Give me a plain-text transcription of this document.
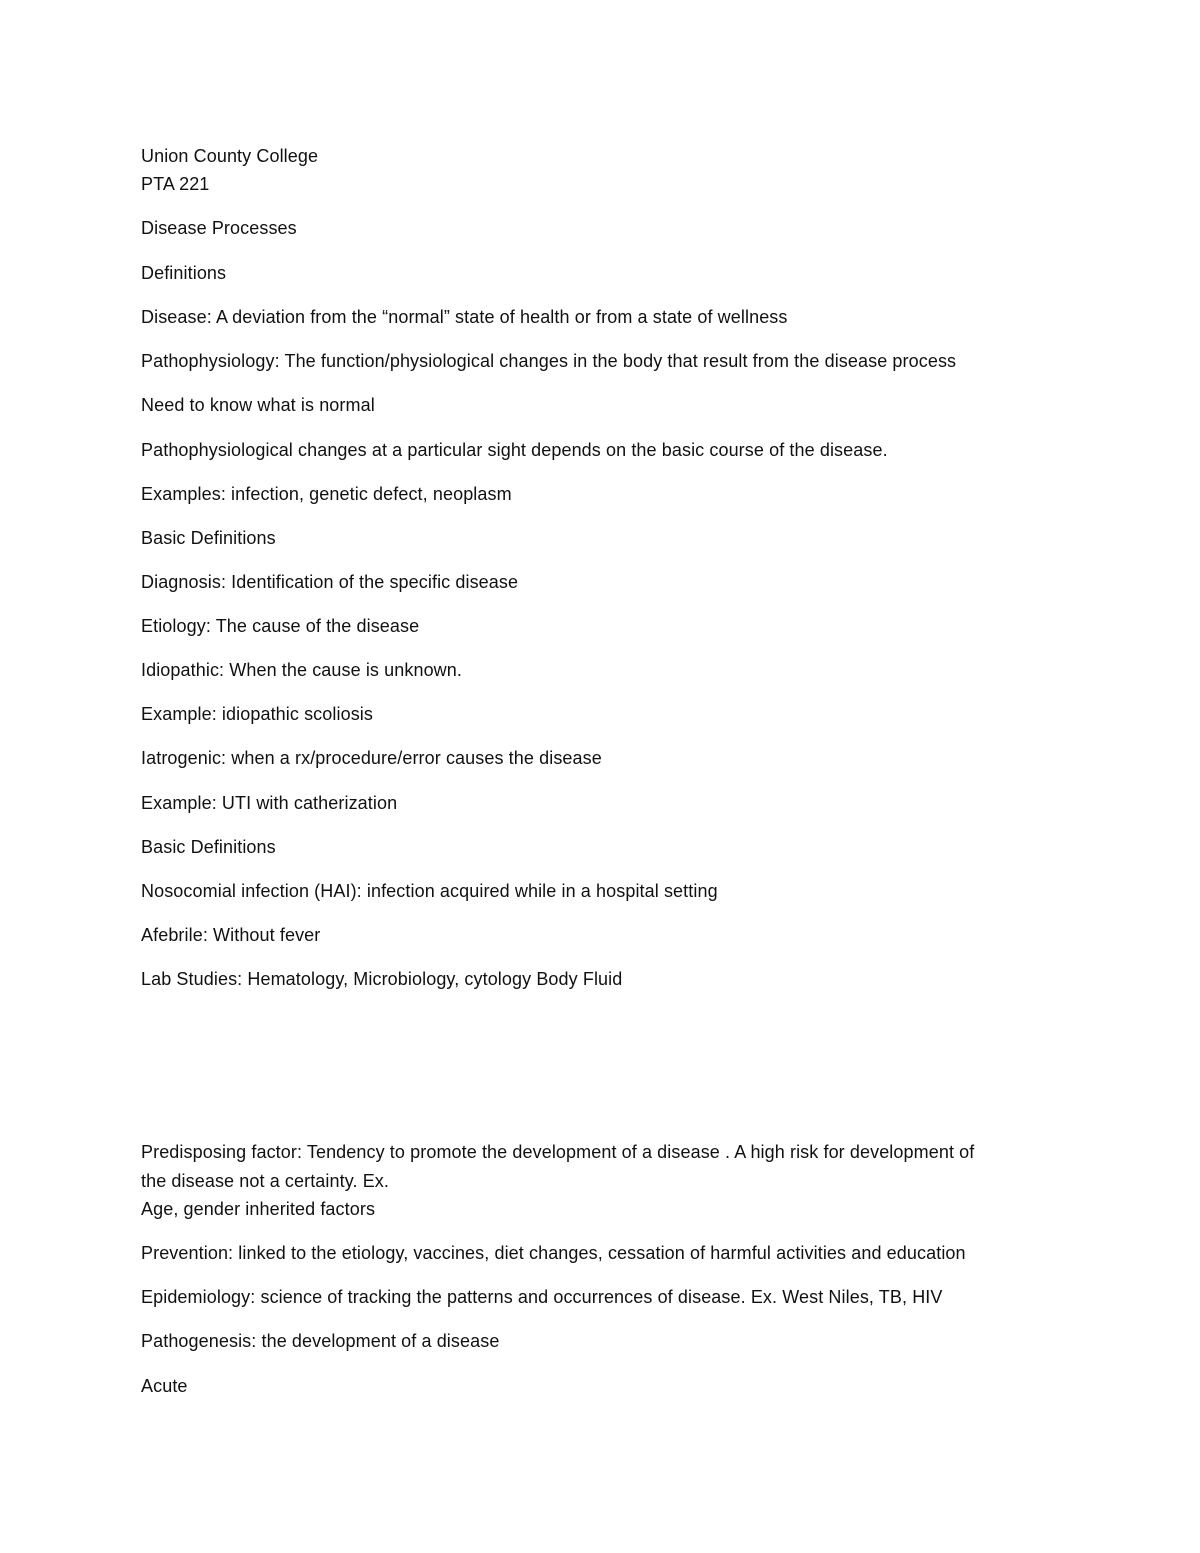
Union County College
PTA 221
Disease Processes
Definitions
Disease: A deviation from the “normal” state of health or from a state of wellness
Pathophysiology: The function/physiological changes in the body that result from the disease process
Need to know what is normal
Pathophysiological changes at a particular sight depends on the basic course of the disease.
Examples: infection, genetic defect, neoplasm
Basic Definitions
Diagnosis: Identification of the specific disease
Etiology: The cause of the disease
Idiopathic: When the cause is unknown.
Example: idiopathic scoliosis
Iatrogenic: when a rx/procedure/error causes the disease
Example: UTI with catherization
Basic Definitions
Nosocomial infection (HAI): infection acquired while in a hospital setting
Afebrile: Without fever
Lab Studies: Hematology, Microbiology, cytology Body Fluid
Predisposing factor: Tendency to promote the development of a disease . A high risk for development of
the disease not a certainty. Ex.
Age, gender inherited factors
Prevention: linked to the etiology, vaccines, diet changes, cessation of harmful activities and education
Epidemiology: science of tracking the patterns and occurrences of disease. Ex. West Niles, TB, HIV
Pathogenesis: the development of a disease
Acute
